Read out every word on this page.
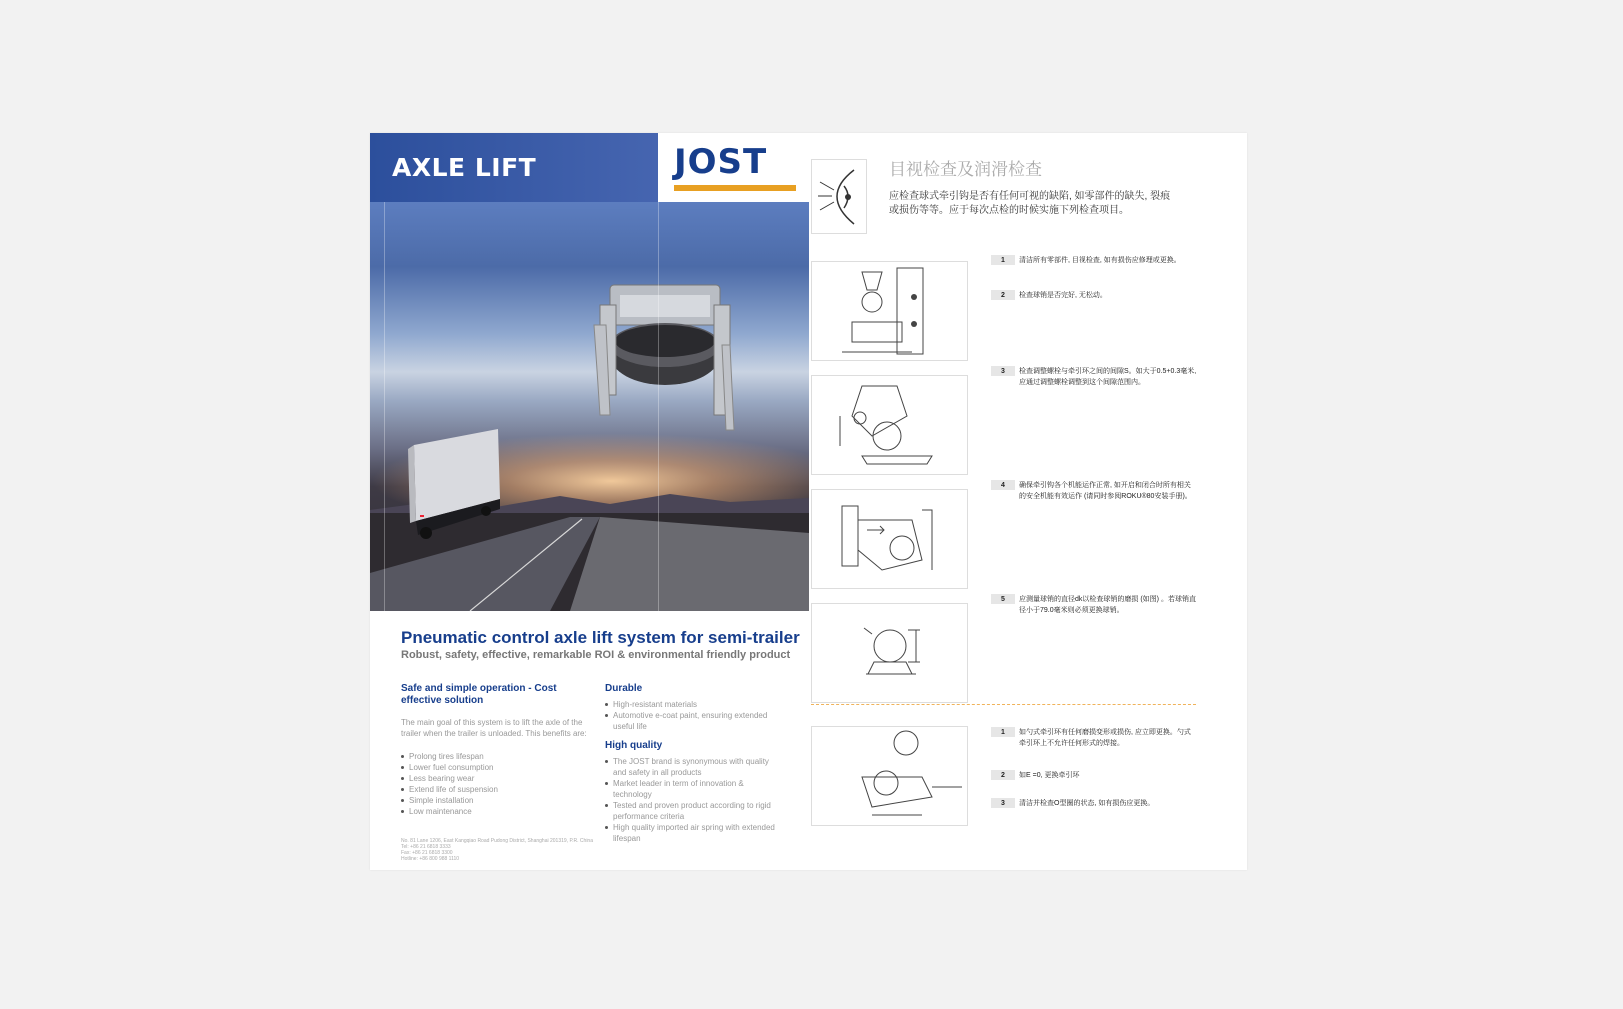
AXLE LIFT	JOST
Pneumatic control axle lift system for semi-trailer
Robust, safety, effective, remarkable ROI & environmental friendly product
Safe and simple operation - Cost effective solution
The main goal of this system is to lift the axle of the trailer when the trailer is unloaded. This benefits are:
Prolong tires lifespan
Lower fuel consumption
Less bearing wear
Extend life of suspension
Simple installation
Low maintenance
Durable
High-resistant materials
Automotive e-coat paint, ensuring extended useful life
High quality
The JOST brand is synonymous with quality and safety in all products
Market leader in term of innovation & technology
Tested and proven product according to rigid performance criteria
High quality imported air spring with extended lifespan
No. 81 Lane 1206, East Kangqiao Road Pudong District, Shanghai 201319, P.R. China
Tel: +86 21 6818 3333
Fax: +86 21 6818 3300
Hotline: +86 800 988 1110
目视检查及润滑检查
应检查球式牵引钩是否有任何可视的缺陷, 如零部件的缺失, 裂痕或损伤等等。应于每次点检的时候实施下列检查项目。
1 清洁所有零部件, 目视检查, 如有损伤应修理或更换。
2 检查球销是否完好, 无松动。
3 检查调整螺栓与牵引环之间的间隙S。如大于0.5+0.3毫米, 应通过调整螺栓调整到这个间隙范围内。
4 确保牵引钩各个机能运作正常, 如开启和闭合时所有相关的安全机能有效运作 (请同时参阅ROKU®80安装手册)。
5 应测量球销的直径dk以检查球销的磨损 (如图) 。若球销直径小于79.0毫米则必须更换球销。
1 如勺式牵引环有任何磨损变形或损伤, 应立即更换。勺式牵引环上不允许任何形式的焊接。
2 如E =0, 更换牵引环
3 清洁并检查O型圈的状态, 如有损伤应更换。
